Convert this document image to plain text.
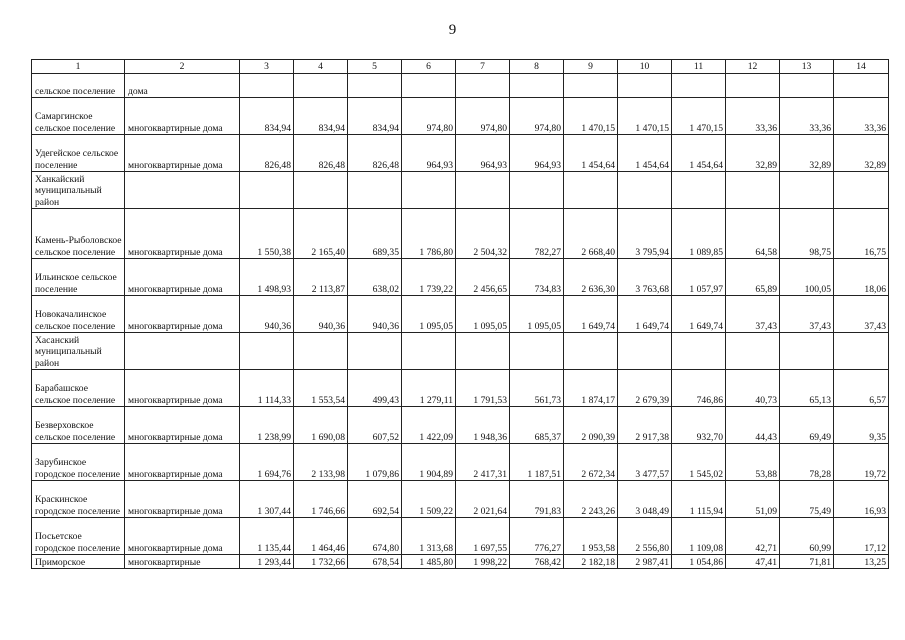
9
1	2	3	4	5	6	7	8	9	10	11	12	13	14
сельское поселение	дома												
Самаргинское сельское поселение	многоквартирные дома	834,94	834,94	834,94	974,80	974,80	974,80	1 470,15	1 470,15	1 470,15	33,36	33,36	33,36
Удегейское сельское поселение	многоквартирные дома	826,48	826,48	826,48	964,93	964,93	964,93	1 454,64	1 454,64	1 454,64	32,89	32,89	32,89
Ханкайский муниципальный район													
Камень-Рыболовское сельское поселение	многоквартирные дома	1 550,38	2 165,40	689,35	1 786,80	2 504,32	782,27	2 668,40	3 795,94	1 089,85	64,58	98,75	16,75
Ильинское сельское поселение	многоквартирные дома	1 498,93	2 113,87	638,02	1 739,22	2 456,65	734,83	2 636,30	3 763,68	1 057,97	65,89	100,05	18,06
Новокачалинское сельское поселение	многоквартирные дома	940,36	940,36	940,36	1 095,05	1 095,05	1 095,05	1 649,74	1 649,74	1 649,74	37,43	37,43	37,43
Хасанский муниципальный район													
Барабашское сельское поселение	многоквартирные дома	1 114,33	1 553,54	499,43	1 279,11	1 791,53	561,73	1 874,17	2 679,39	746,86	40,73	65,13	6,57
Безверховское сельское поселение	многоквартирные дома	1 238,99	1 690,08	607,52	1 422,09	1 948,36	685,37	2 090,39	2 917,38	932,70	44,43	69,49	9,35
Зарубинское городское поселение	многоквартирные дома	1 694,76	2 133,98	1 079,86	1 904,89	2 417,31	1 187,51	2 672,34	3 477,57	1 545,02	53,88	78,28	19,72
Краскинское городское поселение	многоквартирные дома	1 307,44	1 746,66	692,54	1 509,22	2 021,64	791,83	2 243,26	3 048,49	1 115,94	51,09	75,49	16,93
Посьетское городское поселение	многоквартирные дома	1 135,44	1 464,46	674,80	1 313,68	1 697,55	776,27	1 953,58	2 556,80	1 109,08	42,71	60,99	17,12
Приморское	многоквартирные	1 293,44	1 732,66	678,54	1 485,80	1 998,22	768,42	2 182,18	2 987,41	1 054,86	47,41	71,81	13,25
